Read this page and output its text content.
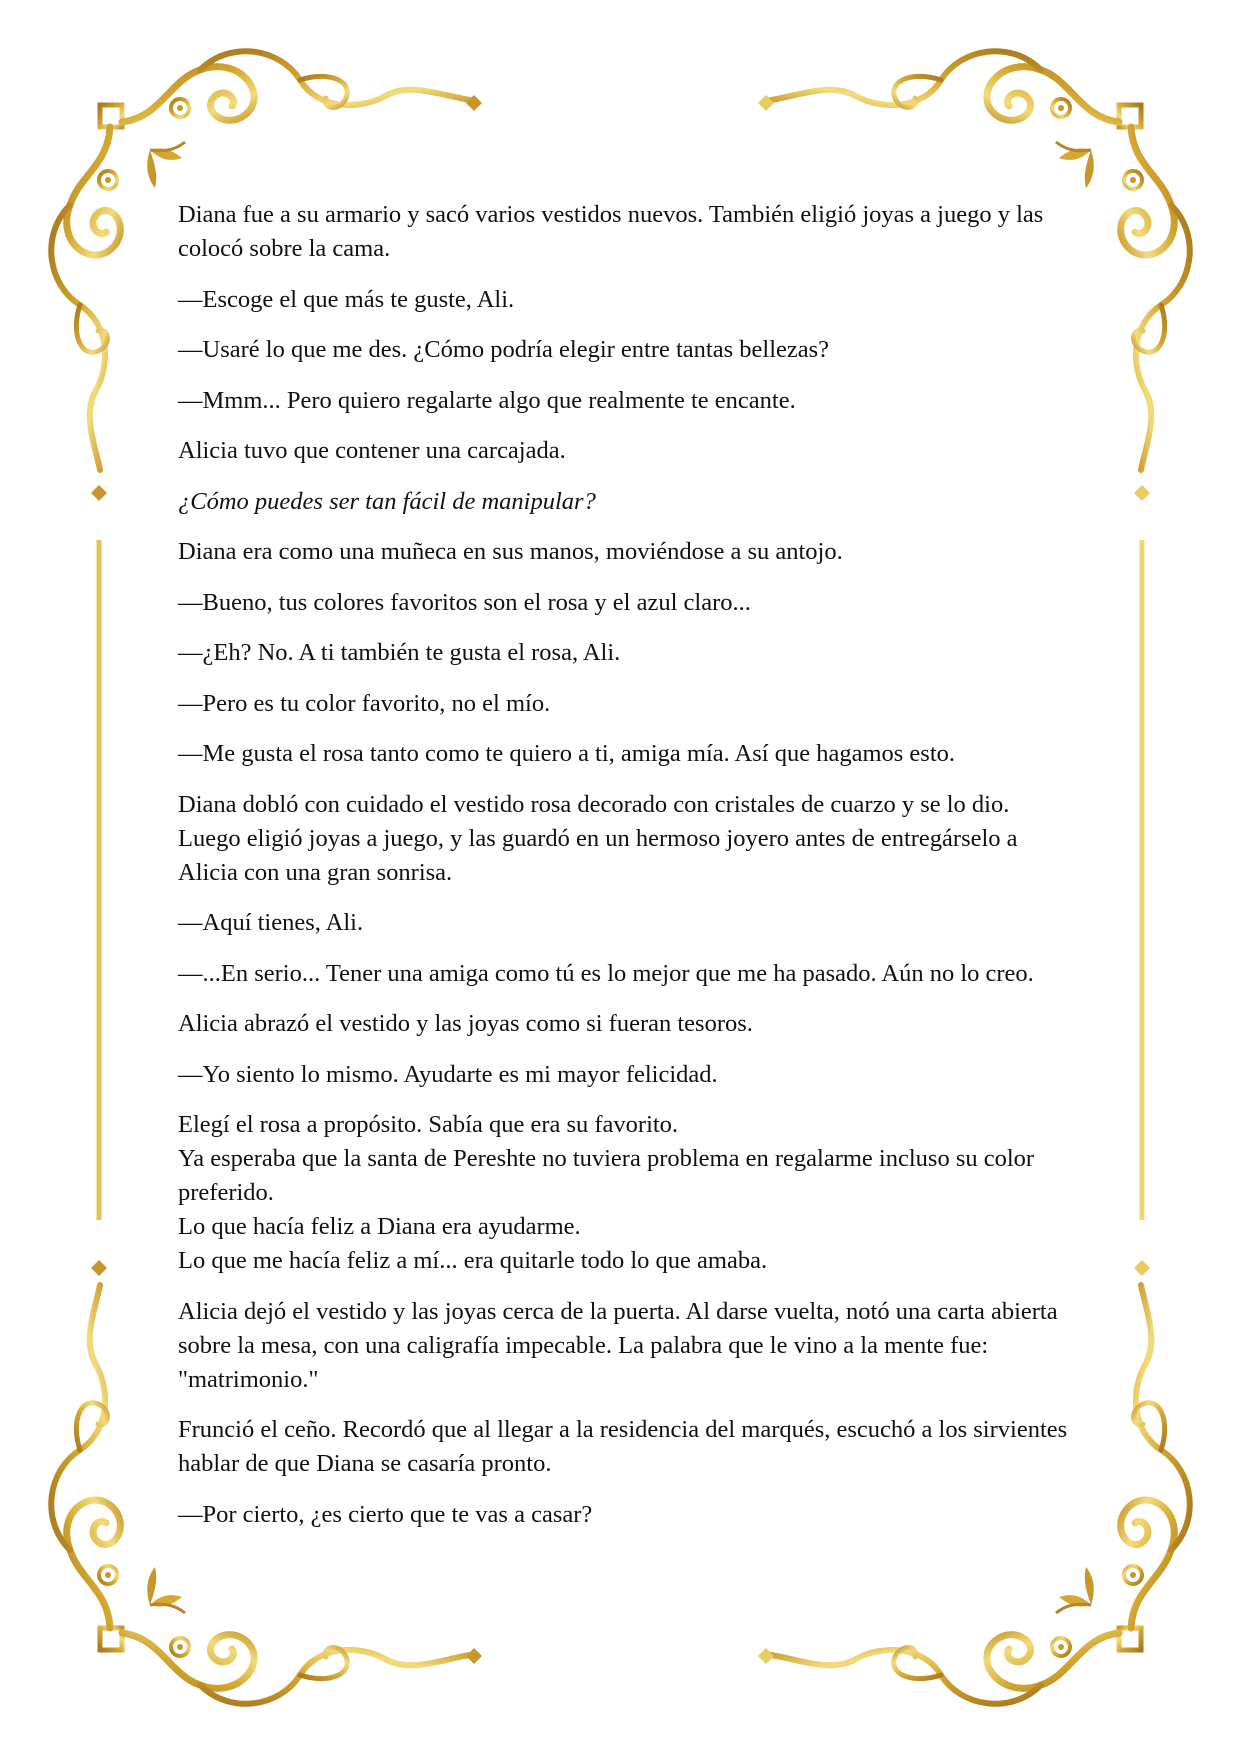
Diana fue a su armario y sacó varios vestidos nuevos. También eligió joyas a juego y las colocó sobre la cama.

—Escoge el que más te guste, Ali.

—Usaré lo que me des. ¿Cómo podría elegir entre tantas bellezas?

—Mmm... Pero quiero regalarte algo que realmente te encante.

Alicia tuvo que contener una carcajada.

¿Cómo puedes ser tan fácil de manipular?

Diana era como una muñeca en sus manos, moviéndose a su antojo.

—Bueno, tus colores favoritos son el rosa y el azul claro...

—¿Eh? No. A ti también te gusta el rosa, Ali.

—Pero es tu color favorito, no el mío.

—Me gusta el rosa tanto como te quiero a ti, amiga mía. Así que hagamos esto.

Diana dobló con cuidado el vestido rosa decorado con cristales de cuarzo y se lo dio. Luego eligió joyas a juego, y las guardó en un hermoso joyero antes de entregárselo a Alicia con una gran sonrisa.

—Aquí tienes, Ali.

—...En serio... Tener una amiga como tú es lo mejor que me ha pasado. Aún no lo creo.

Alicia abrazó el vestido y las joyas como si fueran tesoros.

—Yo siento lo mismo. Ayudarte es mi mayor felicidad.

Elegí el rosa a propósito. Sabía que era su favorito.
Ya esperaba que la santa de Pereshte no tuviera problema en regalarme incluso su color preferido.
Lo que hacía feliz a Diana era ayudarme.
Lo que me hacía feliz a mí... era quitarle todo lo que amaba.

Alicia dejó el vestido y las joyas cerca de la puerta. Al darse vuelta, notó una carta abierta sobre la mesa, con una caligrafía impecable. La palabra que le vino a la mente fue: "matrimonio."

Frunció el ceño. Recordó que al llegar a la residencia del marqués, escuchó a los sirvientes hablar de que Diana se casaría pronto.

—Por cierto, ¿es cierto que te vas a casar?
